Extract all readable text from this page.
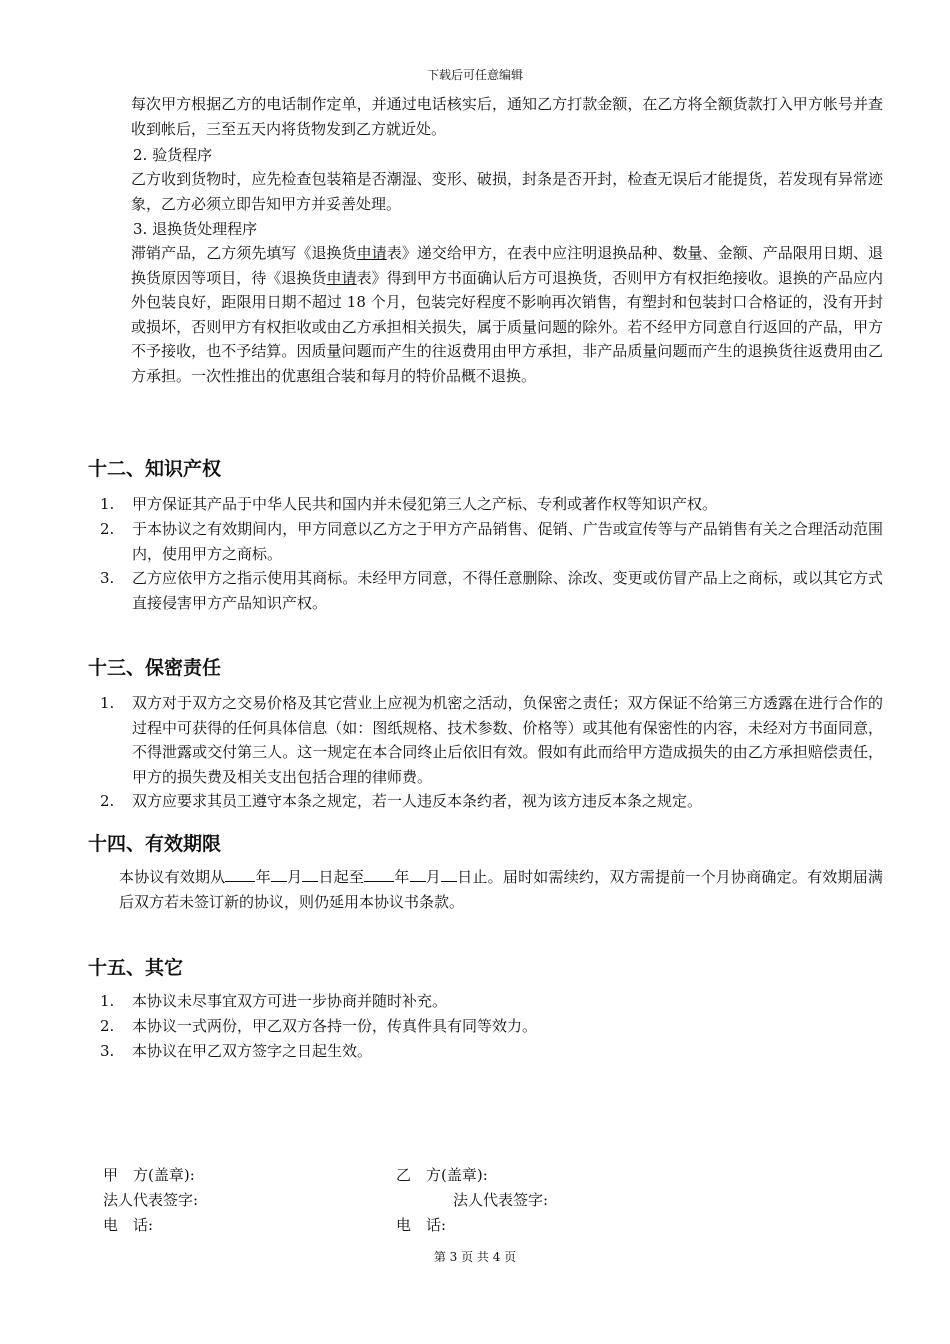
下载后可任意编辑

每次甲方根据乙方的电话制作定单，并通过电话核实后，通知乙方打款金额，在乙方将全额货款打入甲方帐号并查收到帐后，三至五天内将货物发到乙方就近处。

2. 验货程序

乙方收到货物时，应先检查包装箱是否潮湿、变形、破损，封条是否开封，检查无误后才能提货，若发现有异常迹象，乙方必须立即告知甲方并妥善处理。

3. 退换货处理程序

滞销产品，乙方须先填写《退换货申请表》递交给甲方，在表中应注明退换品种、数量、金额、产品限用日期、退换货原因等项目，待《退换货申请表》得到甲方书面确认后方可退换货，否则甲方有权拒绝接收。退换的产品应内外包装良好，距限用日期不超过 18 个月，包装完好程度不影响再次销售，有塑封和包装封口合格证的，没有开封或损坏，否则甲方有权拒收或由乙方承担相关损失，属于质量问题的除外。若不经甲方同意自行返回的产品，甲方不予接收，也不予结算。因质量问题而产生的往返费用由甲方承担，非产品质量问题而产生的退换货往返费用由乙方承担。一次性推出的优惠组合装和每月的特价品概不退换。

十二、知识产权
1.	甲方保证其产品于中华人民共和国内并未侵犯第三人之产标、专利或著作权等知识产权。
2.	于本协议之有效期间内，甲方同意以乙方之于甲方产品销售、促销、广告或宣传等与产品销售有关之合理活动范围内，使用甲方之商标。
3.	乙方应依甲方之指示使用其商标。未经甲方同意，不得任意删除、涂改、变更或仿冒产品上之商标，或以其它方式直接侵害甲方产品知识产权。
十三、保密责任
1.	双方对于双方之交易价格及其它营业上应视为机密之活动，负保密之责任；双方保证不给第三方透露在进行合作的过程中可获得的任何具体信息（如：图纸规格、技术参数、价格等）或其他有保密性的内容，未经对方书面同意，不得泄露或交付第三人。这一规定在本合同终止后依旧有效。假如有此而给甲方造成损失的由乙方承担赔偿责任，甲方的损失费及相关支出包括合理的律师费。
2.	双方应要求其员工遵守本条之规定，若一人违反本条约者，视为该方违反本条之规定。
十四、有效期限

本协议有效期从 年 月 日起至 年 月 日止。届时如需续约，双方需提前一个月协商确定。有效期届满后双方若未签订新的协议，则仍延用本协议书条款。

十五、其它
1.	本协议未尽事宜双方可进一步协商并随时补充。
2.	本协议一式两份，甲乙双方各持一份，传真件具有同等效力。
3.	本协议在甲乙双方签字之日起生效。

甲　方(盖章):	乙　方(盖章):

法人代表签字:	法人代表签字:

电　话:	电　话:

第 3 页 共 4 页
